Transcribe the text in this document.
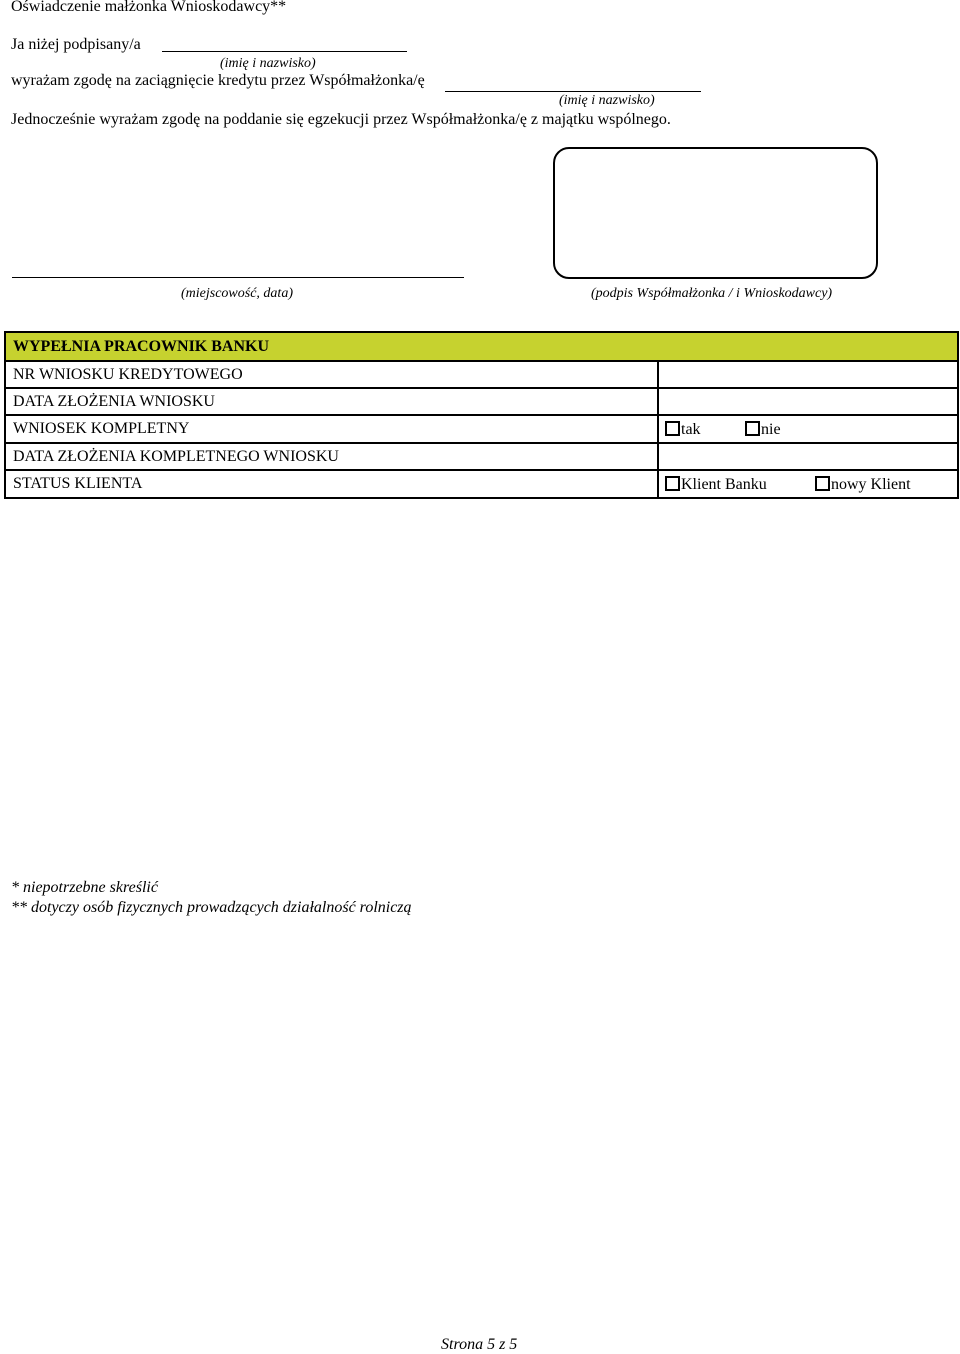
Oświadczenie małżonka Wnioskodawcy**
Ja niżej podpisany/a
(imię i nazwisko)
wyrażam zgodę na zaciągnięcie kredytu przez Współmałżonka/ę
(imię i nazwisko)
Jednocześnie wyrażam zgodę na poddanie się egzekucji przez Współmałżonka/ę z majątku wspólnego.
(miejscowość, data)	(podpis Współmałżonka / i Wnioskodawcy)
WYPEŁNIA PRACOWNIK BANKU	
NR WNIOSKU KREDYTOWEGO	
DATA ZŁOŻENIA WNIOSKU	
WNIOSEK KOMPLETNY	tak nie
DATA ZŁOŻENIA KOMPLETNEGO WNIOSKU	
STATUS KLIENTA	Klient Banku nowy Klient
* niepotrzebne skreślić
** dotyczy osób fizycznych prowadzących działalność rolniczą
Strona 5 z 5
